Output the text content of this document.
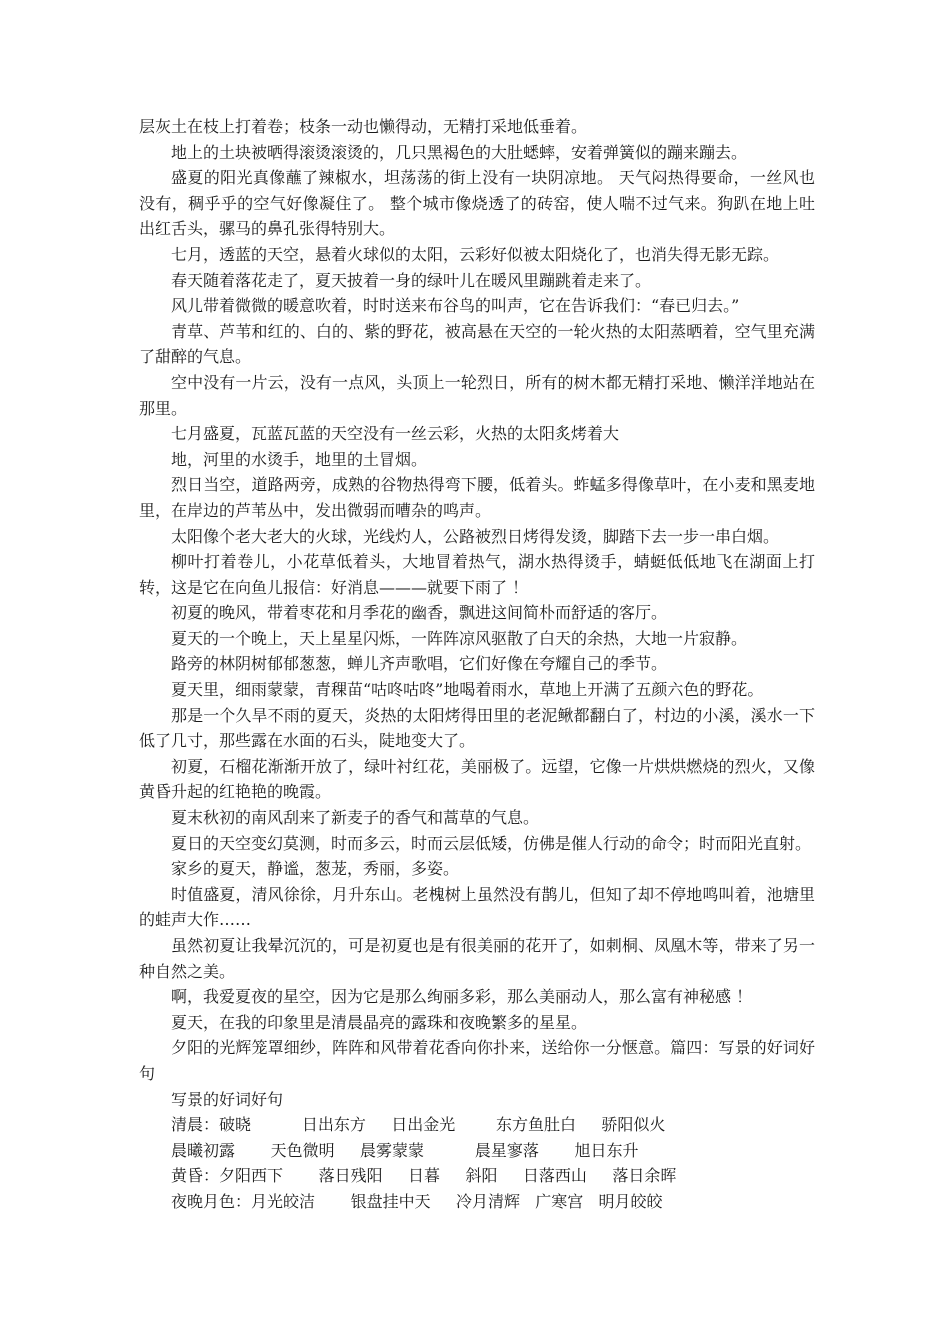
层灰土在枝上打着卷；枝条一动也懒得动，无精打采地低垂着。

地上的土块被晒得滚烫滚烫的，几只黑褐色的大肚蟋蟀，安着弹簧似的蹦来蹦去。

盛夏的阳光真像蘸了辣椒水，坦荡荡的街上没有一块阴凉地。 天气闷热得要命，一丝风也没有，稠乎乎的空气好像凝住了。 整个城市像烧透了的砖窑，使人喘不过气来。狗趴在地上吐出红舌头，骡马的鼻孔张得特别大。

七月，透蓝的天空，悬着火球似的太阳，云彩好似被太阳烧化了，也消失得无影无踪。

春天随着落花走了，夏天披着一身的绿叶儿在暖风里蹦跳着走来了。

风儿带着微微的暖意吹着，时时送来布谷鸟的叫声，它在告诉我们：“春已归去。”

青草、芦苇和红的、白的、紫的野花，被高悬在天空的一轮火热的太阳蒸晒着，空气里充满了甜醉的气息。

空中没有一片云，没有一点风，头顶上一轮烈日，所有的树木都无精打采地、懒洋洋地站在那里。

七月盛夏，瓦蓝瓦蓝的天空没有一丝云彩，火热的太阳炙烤着大

地，河里的水烫手，地里的土冒烟。

烈日当空，道路两旁，成熟的谷物热得弯下腰，低着头。蚱蜢多得像草叶，在小麦和黑麦地里，在岸边的芦苇丛中，发出微弱而嘈杂的鸣声。

太阳像个老大老大的火球，光线灼人，公路被烈日烤得发烫，脚踏下去一步一串白烟。

柳叶打着卷儿，小花草低着头，大地冒着热气，湖水热得烫手，蜻蜓低低地飞在湖面上打转，这是它在向鱼儿报信：好消息———就要下雨了 ！

初夏的晚风，带着枣花和月季花的幽香，飘进这间简朴而舒适的客厅。

夏天的一个晚上，天上星星闪烁，一阵阵凉风驱散了白天的余热，大地一片寂静。

路旁的林阴树郁郁葱葱，蝉儿齐声歌唱，它们好像在夸耀自己的季节。

夏天里，细雨蒙蒙，青稞苗“咕咚咕咚”地喝着雨水，草地上开满了五颜六色的野花。

那是一个久旱不雨的夏天，炎热的太阳烤得田里的老泥鳅都翻白了，村边的小溪，溪水一下低了几寸，那些露在水面的石头，陡地变大了。

初夏，石榴花渐渐开放了，绿叶衬红花，美丽极了。远望，它像一片烘烘燃烧的烈火，又像黄昏升起的红艳艳的晚霞。

夏末秋初的南风刮来了新麦子的香气和蒿草的气息。

夏日的天空变幻莫测，时而多云，时而云层低矮，仿佛是催人行动的命令；时而阳光直射。

家乡的夏天，静谧，葱茏，秀丽，多姿。

时值盛夏，清风徐徐，月升东山。老槐树上虽然没有鹊儿，但知了却不停地鸣叫着，池塘里的蛙声大作……

虽然初夏让我晕沉沉的，可是初夏也是有很美丽的花开了，如刺桐、凤凰木等，带来了另一种自然之美。

啊，我爱夏夜的星空，因为它是那么绚丽多彩，那么美丽动人，那么富有神秘感 ！

夏天，在我的印象里是清晨晶亮的露珠和夜晚繁多的星星。

夕阳的光辉笼罩细纱，阵阵和风带着花香向你扑来，送给你一分惬意。篇四：写景的好词好句

写景的好词好句

清晨：破晓          日出东方     日出金光        东方鱼肚白     骄阳似火

晨曦初露       天色微明     晨雾蒙蒙          晨星寥落       旭日东升

黄昏：夕阳西下       落日残阳     日暮     斜阳     日落西山     落日余晖

夜晚月色：月光皎洁       银盘挂中天     冷月清辉   广寒宫   明月皎皎
